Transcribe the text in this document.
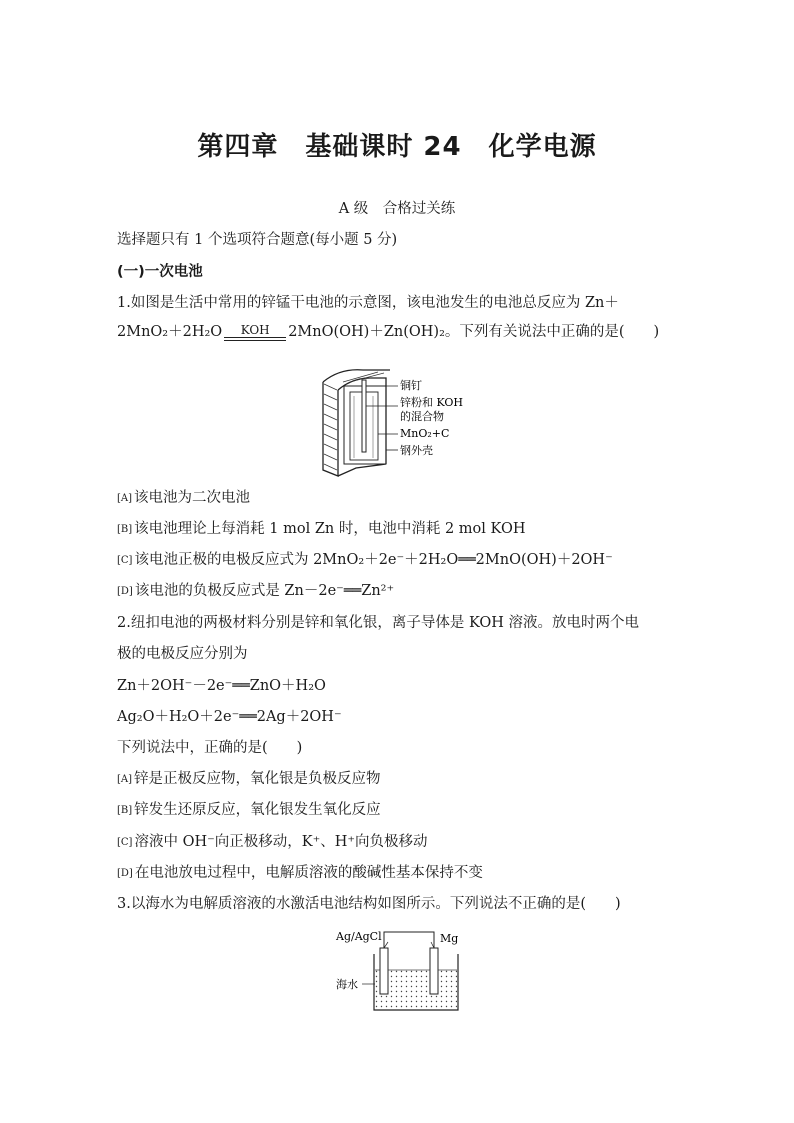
第四章　基础课时 24　化学电源
A 级　合格过关练
选择题只有 1 个选项符合题意(每小题 5 分)
(一)一次电池
1.如图是生活中常用的锌锰干电池的示意图，该电池发生的电池总反应为 Zn＋
2MnO₂＋2H₂O	KOH	2MnO(OH)＋Zn(OH)₂。下列有关说法中正确的是(　　)
铜钉
锌粉和 KOH
的混合物
MnO₂+C
钢外壳
[A] 该电池为二次电池
[B] 该电池理论上每消耗 1 mol Zn 时，电池中消耗 2 mol KOH
[C] 该电池正极的电极反应式为 2MnO₂＋2e⁻＋2H₂O══2MnO(OH)＋2OH⁻
[D] 该电池的负极反应式是 Zn－2e⁻══Zn²⁺
2.纽扣电池的两极材料分别是锌和氧化银，离子导体是 KOH 溶液。放电时两个电
极的电极反应分别为
Zn＋2OH⁻－2e⁻══ZnO＋H₂O
Ag₂O＋H₂O＋2e⁻══2Ag＋2OH⁻
下列说法中，正确的是(　　)
[A] 锌是正极反应物，氧化银是负极反应物
[B] 锌发生还原反应，氧化银发生氧化反应
[C] 溶液中 OH⁻向正极移动，K⁺、H⁺向负极移动
[D] 在电池放电过程中，电解质溶液的酸碱性基本保持不变
3.以海水为电解质溶液的水激活电池结构如图所示。下列说法不正确的是(　　)
Ag/AgCl	Mg
海水
